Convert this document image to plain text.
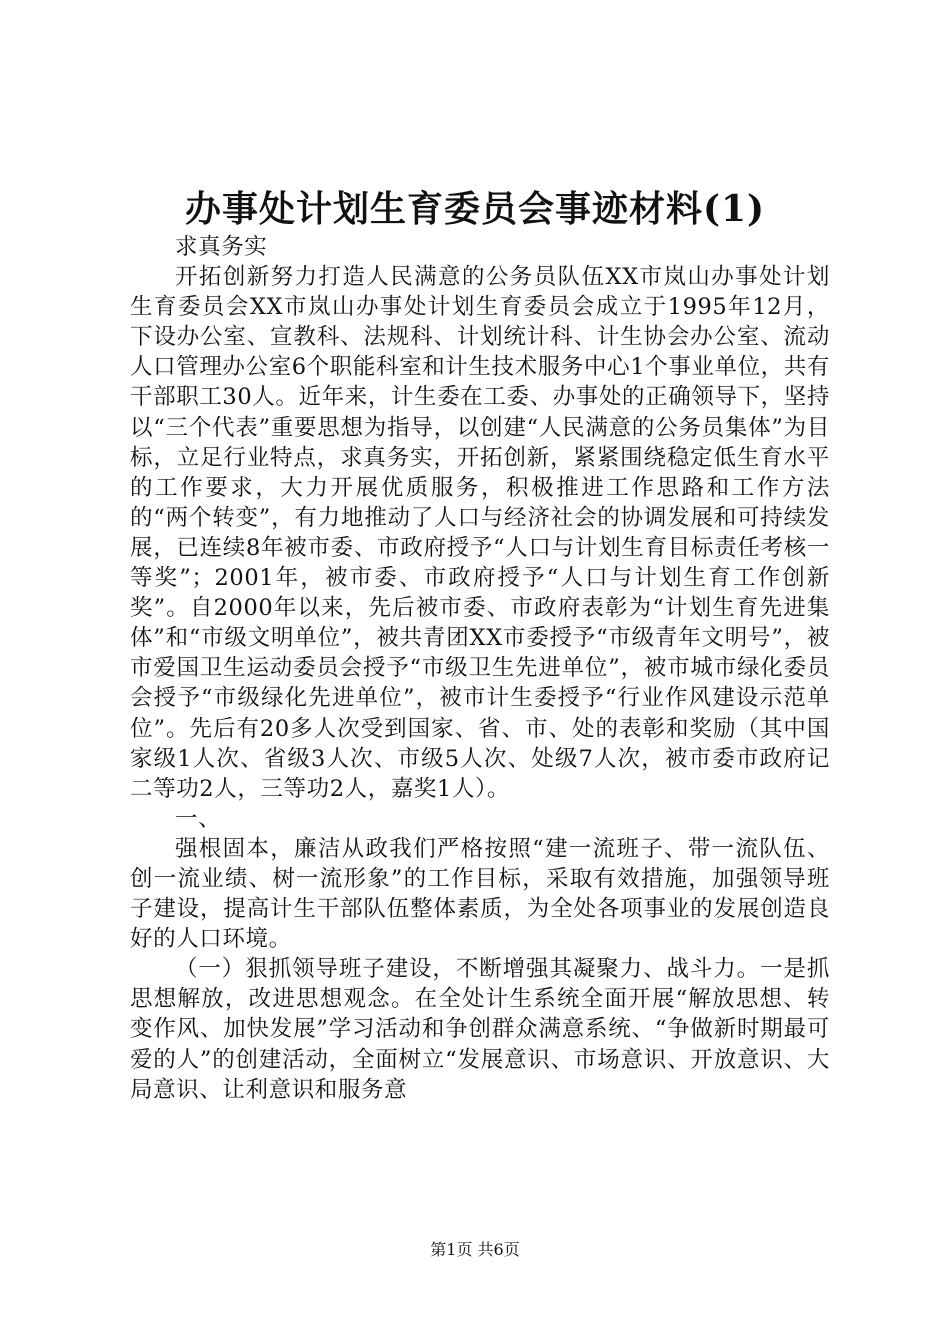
办事处计划生育委员会事迹材料(1)

求真务实

开拓创新努力打造人民满意的公务员队伍XX市岚山办事处计划生育委员会XX市岚山办事处计划生育委员会成立于1995年12月，下设办公室、宣教科、法规科、计划统计科、计生协会办公室、流动人口管理办公室6个职能科室和计生技术服务中心1个事业单位，共有干部职工30人。近年来，计生委在工委、办事处的正确领导下，坚持以“三个代表”重要思想为指导，以创建“人民满意的公务员集体”为目标，立足行业特点，求真务实，开拓创新，紧紧围绕稳定低生育水平的工作要求，大力开展优质服务，积极推进工作思路和工作方法的“两个转变”，有力地推动了人口与经济社会的协调发展和可持续发展，已连续8年被市委、市政府授予“人口与计划生育目标责任考核一等奖”；2001年，被市委、市政府授予“人口与计划生育工作创新奖”。自2000年以来，先后被市委、市政府表彰为“计划生育先进集体”和“市级文明单位”，被共青团XX市委授予“市级青年文明号”，被市爱国卫生运动委员会授予“市级卫生先进单位”，被市城市绿化委员会授予“市级绿化先进单位”，被市计生委授予“行业作风建设示范单位”。先后有20多人次受到国家、省、市、处的表彰和奖励（其中国家级1人次、省级3人次、市级5人次、处级7人次，被市委市政府记二等功2人，三等功2人，嘉奖1人）。

一、

强根固本，廉洁从政我们严格按照“建一流班子、带一流队伍、创一流业绩、树一流形象”的工作目标，采取有效措施，加强领导班子建设，提高计生干部队伍整体素质，为全处各项事业的发展创造良好的人口环境。

（一）狠抓领导班子建设，不断增强其凝聚力、战斗力。一是抓思想解放，改进思想观念。在全处计生系统全面开展“解放思想、转变作风、加快发展”学习活动和争创群众满意系统、“争做新时期最可爱的人”的创建活动，全面树立“发展意识、市场意识、开放意识、大局意识、让利意识和服务意

第1页 共6页
